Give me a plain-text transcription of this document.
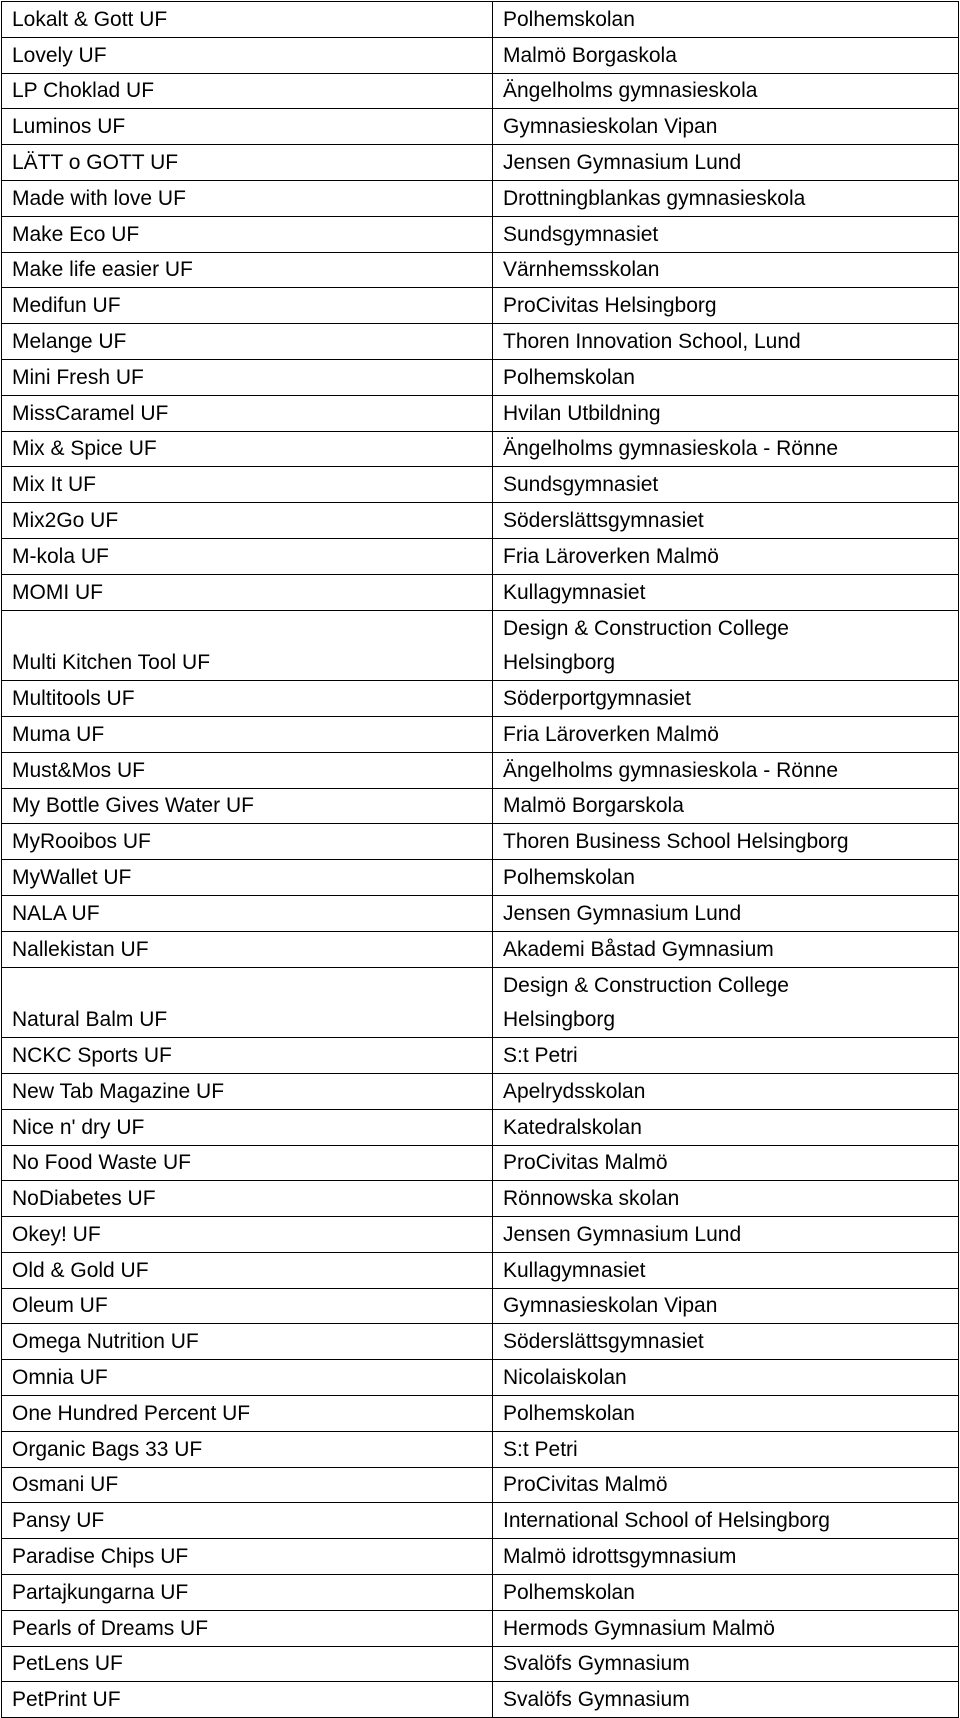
Lokalt & Gott UF	Polhemskolan

Lovely UF	Malmö Borgaskola

LP Choklad UF	Ängelholms gymnasieskola

Luminos UF	Gymnasieskolan Vipan

LÄTT o GOTT UF	Jensen Gymnasium Lund

Made with love UF	Drottningblankas gymnasieskola

Make Eco UF	Sundsgymnasiet

Make life easier UF	Värnhemsskolan

Medifun UF	ProCivitas Helsingborg

Melange UF	Thoren Innovation School, Lund

Mini Fresh UF	Polhemskolan

MissCaramel UF	Hvilan Utbildning

Mix & Spice UF	Ängelholms gymnasieskola - Rönne

Mix It UF	Sundsgymnasiet

Mix2Go UF	Söderslättsgymnasiet

M-kola UF	Fria Läroverken Malmö

MOMI UF	Kullagymnasiet

Multi Kitchen Tool UF	Design & Construction College
Helsingborg

Multitools UF	Söderportgymnasiet

Muma UF	Fria Läroverken Malmö

Must&Mos UF	Ängelholms gymnasieskola - Rönne

My Bottle Gives Water UF	Malmö Borgarskola

MyRooibos UF	Thoren Business School Helsingborg

MyWallet UF	Polhemskolan

NALA UF	Jensen Gymnasium Lund

Nallekistan UF	Akademi Båstad Gymnasium

Natural Balm UF	Design & Construction College
Helsingborg

NCKC Sports UF	S:t Petri

New Tab Magazine UF	Apelrydsskolan

Nice n' dry UF	Katedralskolan

No Food Waste UF	ProCivitas Malmö

NoDiabetes UF	Rönnowska skolan

Okey! UF	Jensen Gymnasium Lund

Old & Gold UF	Kullagymnasiet

Oleum UF	Gymnasieskolan Vipan

Omega Nutrition UF	Söderslättsgymnasiet

Omnia UF	Nicolaiskolan

One Hundred Percent UF	Polhemskolan

Organic Bags 33 UF	S:t Petri

Osmani UF	ProCivitas Malmö

Pansy UF	International School of Helsingborg

Paradise Chips UF	Malmö idrottsgymnasium

Partajkungarna UF	Polhemskolan

Pearls of Dreams UF	Hermods Gymnasium Malmö

PetLens UF	Svalöfs Gymnasium

PetPrint UF	Svalöfs Gymnasium
